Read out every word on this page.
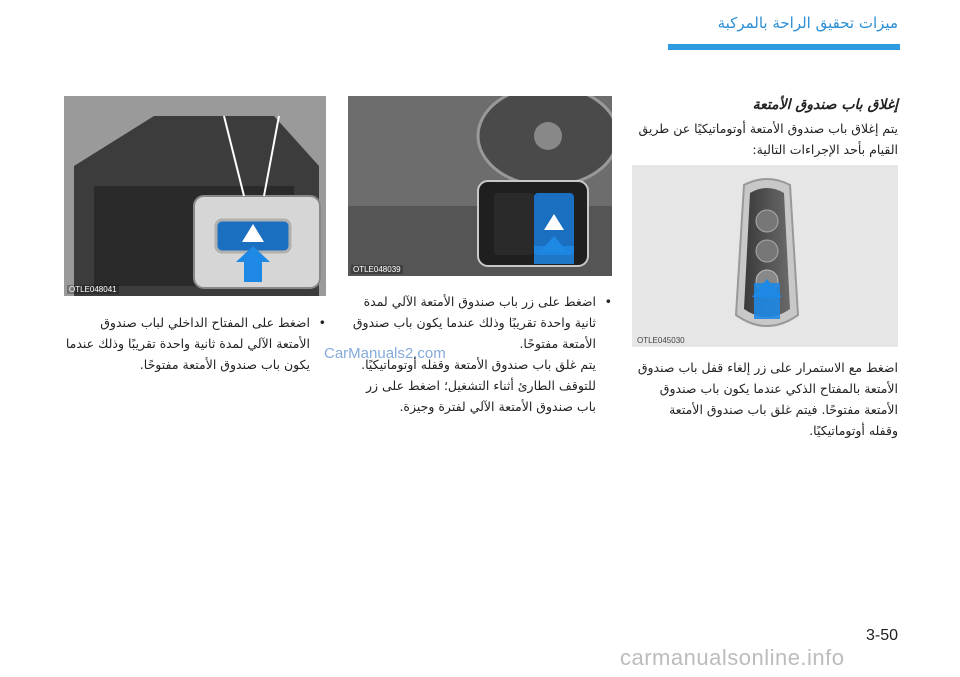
ميزات تحقيق الراحة بالمركبة
إغلاق باب صندوق الأمتعة
يتم إغلاق باب صندوق الأمتعة أوتوماتيكيًا عن طريق القيام بأحد الإجراءات التالية:
OTLE045030
اضغط مع الاستمرار على زر إلغاء قفل باب صندوق الأمتعة بالمفتاح الذكي عندما يكون باب صندوق الأمتعة مفتوحًا. فيتم غلق باب صندوق الأمتعة وقفله أوتوماتيكيًا.
OTLE048039
• اضغط على زر باب صندوق الأمتعة الآلي لمدة ثانية واحدة تقريبًا وذلك عندما يكون باب صندوق الأمتعة مفتوحًا.
يتم غلق باب صندوق الأمتعة وقفله أوتوماتيكيًا. للتوقف الطارئ أثناء التشغيل؛ اضغط على زر باب صندوق الأمتعة الآلي لفترة وجيزة.
OTLE048041
• اضغط على المفتاح الداخلي لباب صندوق الأمتعة الآلي لمدة ثانية واحدة تقريبًا وذلك عندما يكون باب صندوق الأمتعة مفتوحًا.
CarManuals2.com
3-50
carmanualsonline.info
